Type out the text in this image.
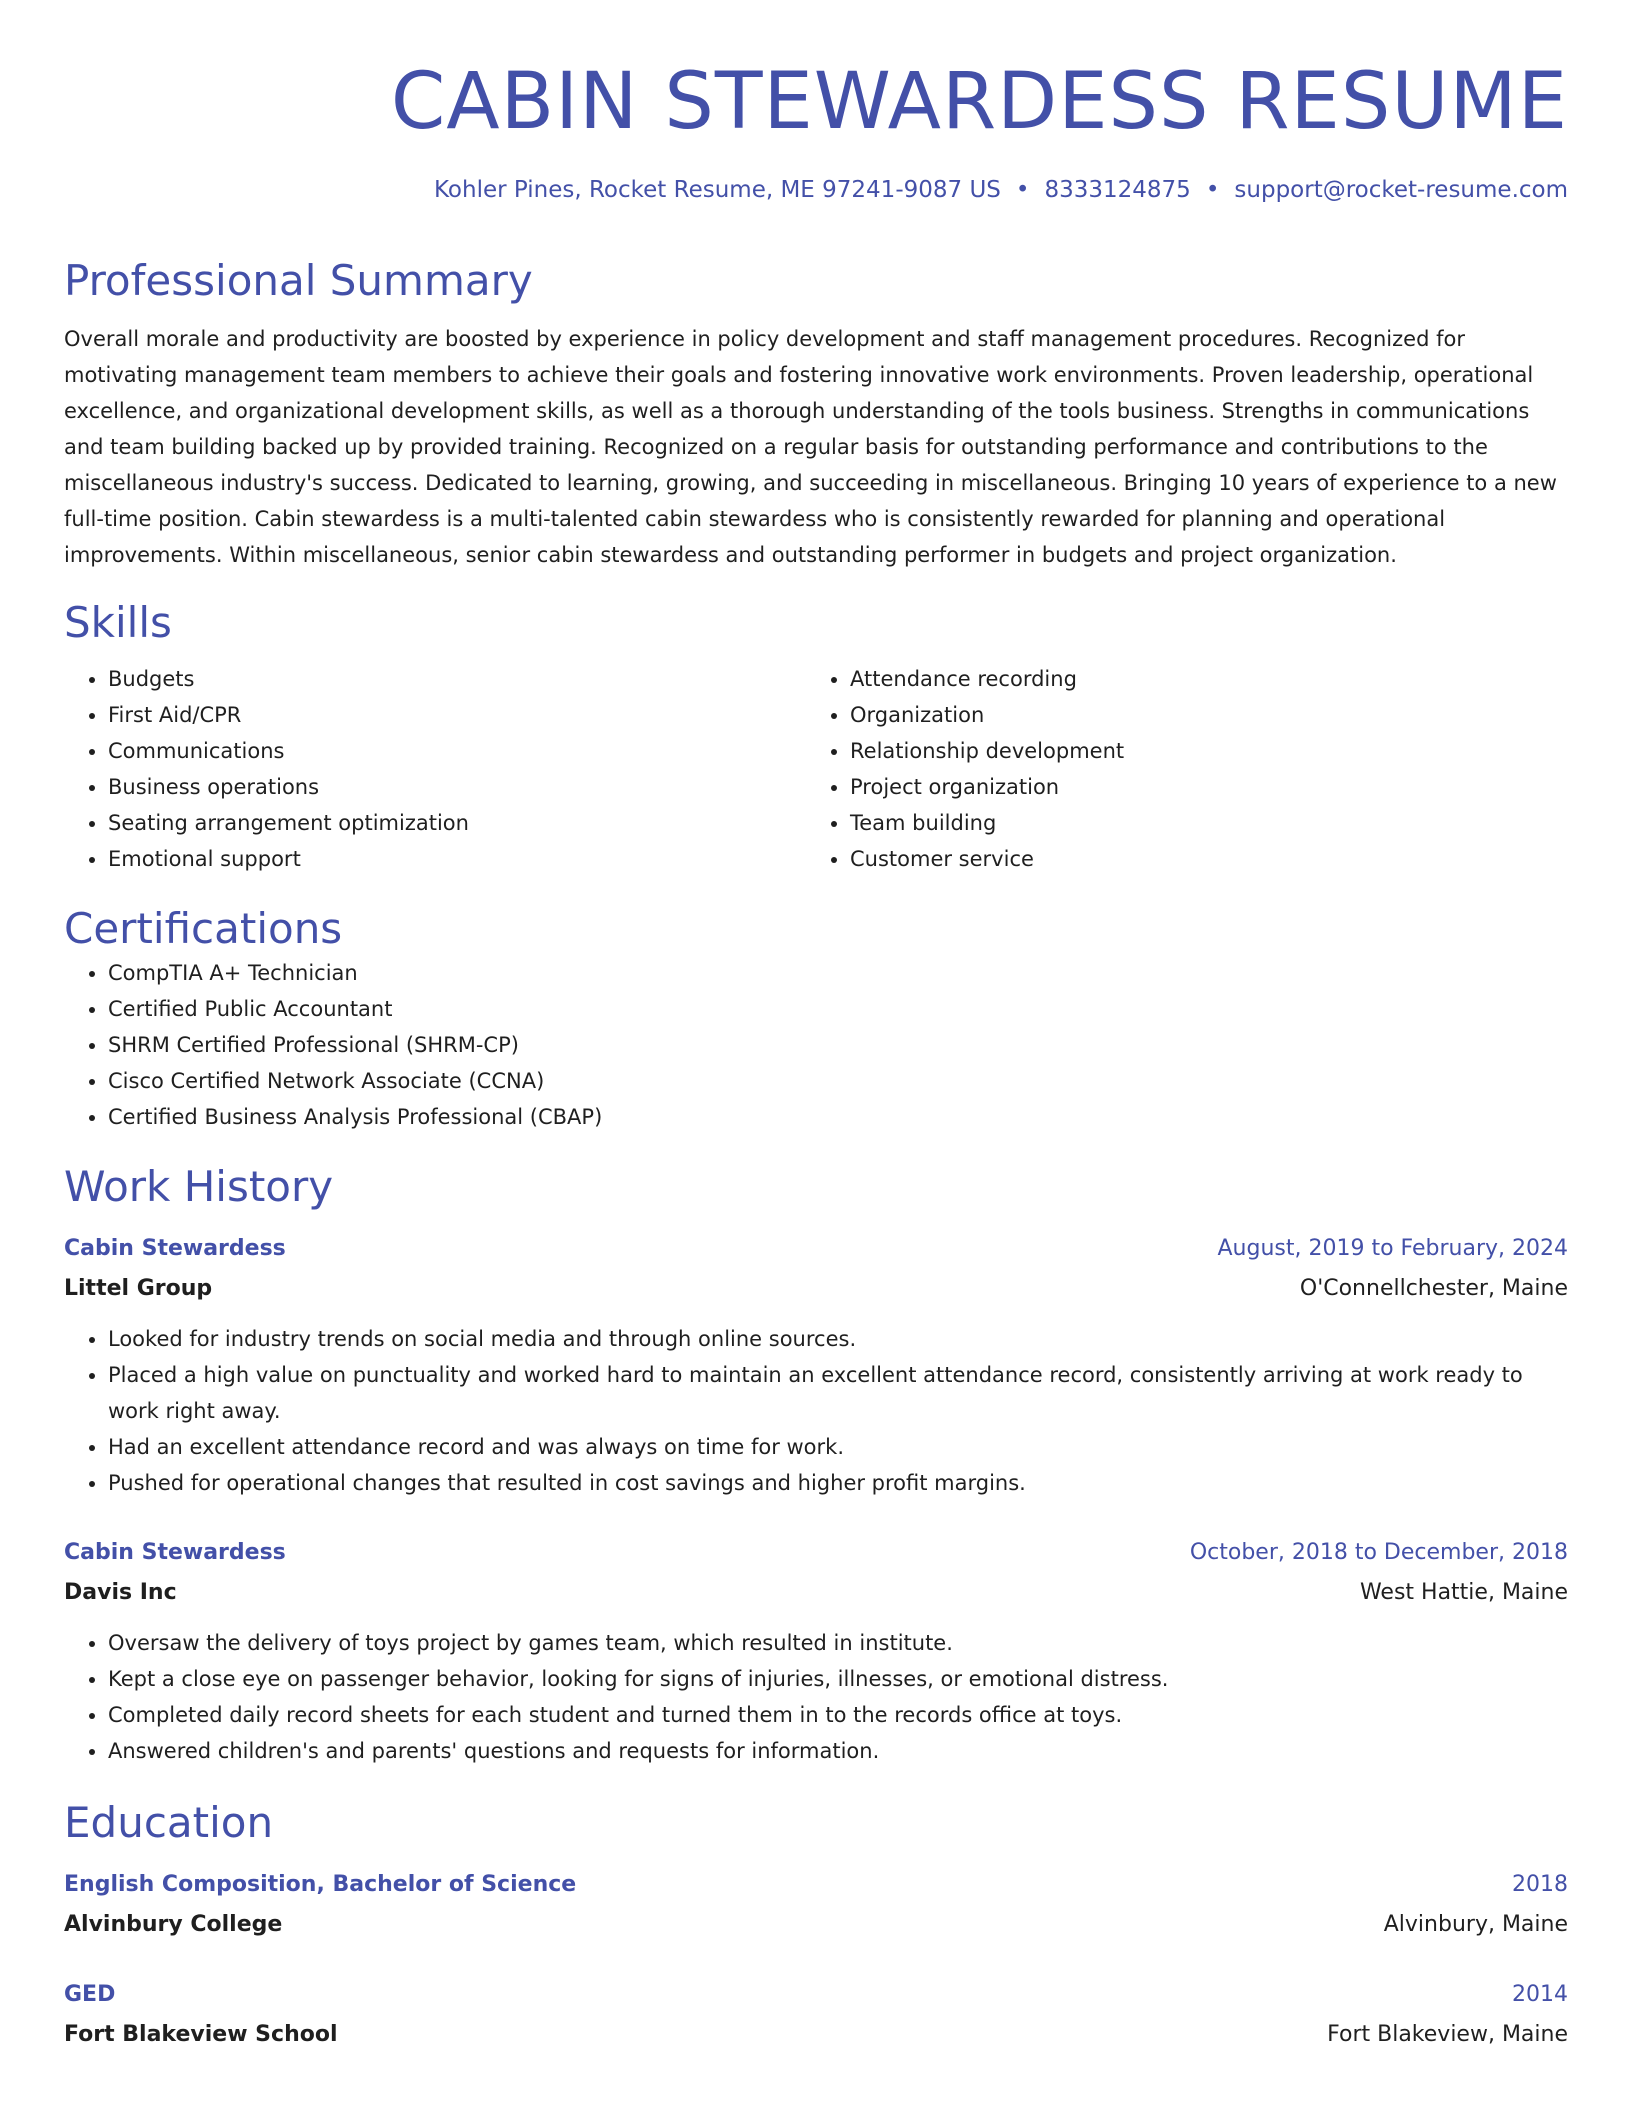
CABIN STEWARDESS RESUME
Kohler Pines, Rocket Resume, ME 97241-9087 US • 8333124875 • support@rocket-resume.com
Professional Summary
Overall morale and productivity are boosted by experience in policy development and staff management procedures. Recognized for motivating management team members to achieve their goals and fostering innovative work environments. Proven leadership, operational excellence, and organizational development skills, as well as a thorough understanding of the tools business. Strengths in communications and team building backed up by provided training. Recognized on a regular basis for outstanding performance and contributions to the miscellaneous industry's success. Dedicated to learning, growing, and succeeding in miscellaneous. Bringing 10 years of experience to a new full-time position. Cabin stewardess is a multi-talented cabin stewardess who is consistently rewarded for planning and operational improvements. Within miscellaneous, senior cabin stewardess and outstanding performer in budgets and project organization.
Skills
• Budgets
• First Aid/CPR
• Communications
• Business operations
• Seating arrangement optimization
• Emotional support
• Attendance recording
• Organization
• Relationship development
• Project organization
• Team building
• Customer service
Certifications
• CompTIA A+ Technician
• Certified Public Accountant
• SHRM Certified Professional (SHRM-CP)
• Cisco Certified Network Associate (CCNA)
• Certified Business Analysis Professional (CBAP)
Work History
Cabin Stewardess	August, 2019 to February, 2024
Littel Group	O'Connellchester, Maine
• Looked for industry trends on social media and through online sources.
• Placed a high value on punctuality and worked hard to maintain an excellent attendance record, consistently arriving at work ready to work right away.
• Had an excellent attendance record and was always on time for work.
• Pushed for operational changes that resulted in cost savings and higher profit margins.
Cabin Stewardess	October, 2018 to December, 2018
Davis Inc	West Hattie, Maine
• Oversaw the delivery of toys project by games team, which resulted in institute.
• Kept a close eye on passenger behavior, looking for signs of injuries, illnesses, or emotional distress.
• Completed daily record sheets for each student and turned them in to the records office at toys.
• Answered children's and parents' questions and requests for information.
Education
English Composition, Bachelor of Science	2018
Alvinbury College	Alvinbury, Maine
GED	2014
Fort Blakeview School	Fort Blakeview, Maine
